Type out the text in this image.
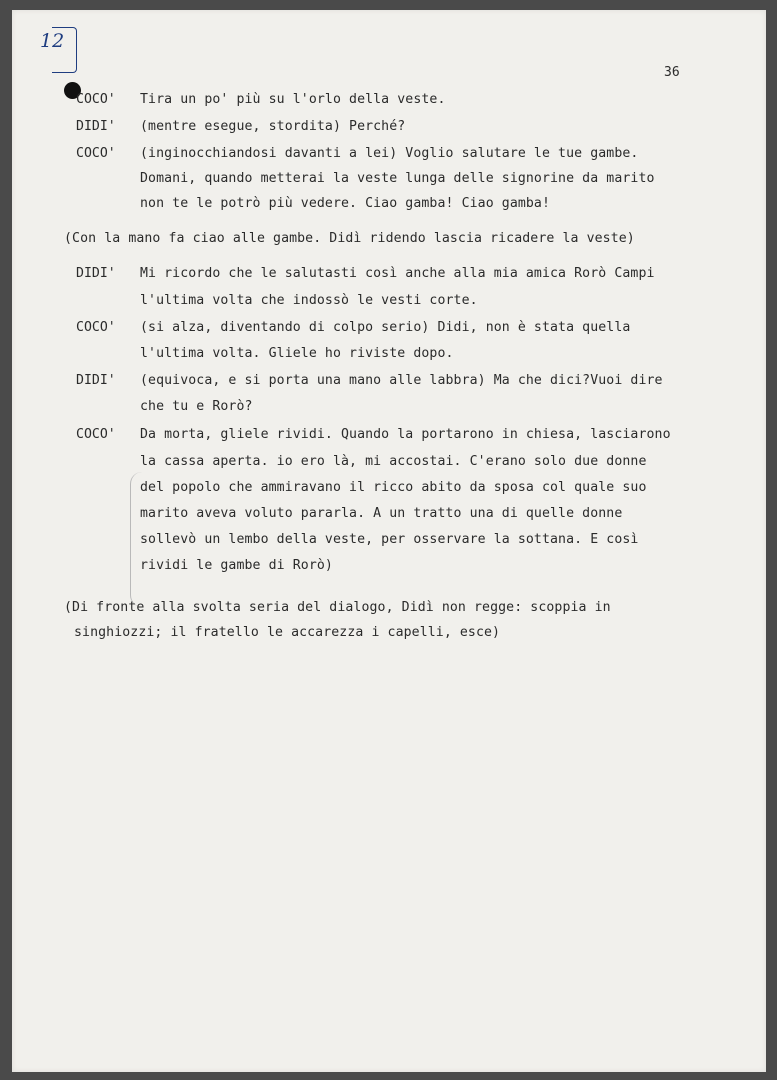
12
36
COCO' Tira un po' più su l'orlo della veste.
DIDI' (mentre esegue, stordita) Perché?
COCO' (inginocchiandosi davanti a lei) Voglio salutare le tue gambe.
Domani, quando metterai la veste lunga delle signorine da marito
non te le potrò più vedere. Ciao gamba! Ciao gamba!
(Con la mano fa ciao alle gambe. Didì ridendo lascia ricadere la veste)
DIDI' Mi ricordo che le salutasti così anche alla mia amica Rorò Campi
l'ultima volta che indossò le vesti corte.
COCO' (si alza, diventando di colpo serio) Didi, non è stata quella
l'ultima volta. Gliele ho riviste dopo.
DIDI' (equivoca, e si porta una mano alle labbra) Ma che dici?Vuoi dire
che tu e Rorò?
COCO' Da morta, gliele rividi. Quando la portarono in chiesa, lasciarono
la cassa aperta. io ero là, mi accostai. C'erano solo due donne
del popolo che ammiravano il ricco abito da sposa col quale suo
marito aveva voluto pararla. A un tratto una di quelle donne
sollevò un lembo della veste, per osservare la sottana. E così
rividi le gambe di Rorò)
(Di fronte alla svolta seria del dialogo, Didì non regge: scoppia in
singhiozzi; il fratello le accarezza i capelli, esce)
